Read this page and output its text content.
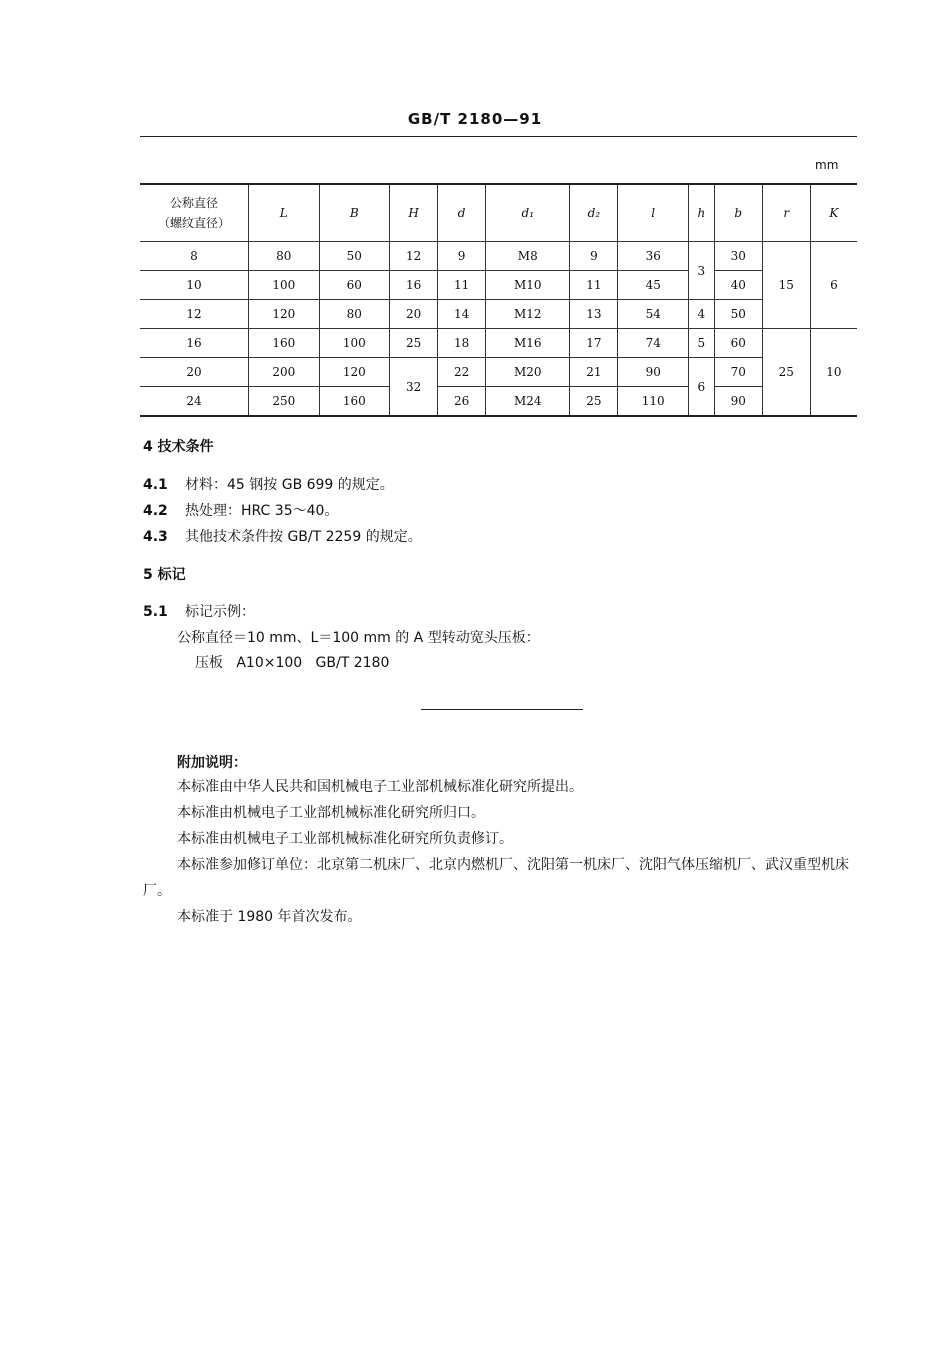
GB/T 2180—91
mm
公称直径
（螺纹直径）	L	B	H	d	d₁	d₂	l	h	b	r	K
8	80	50	12	9	M8	9	36	3	30	15	6
10	100	60	16	11	M10	11	45		40		
12	120	80	20	14	M12	13	54	4	50		
16	160	100	25	18	M16	17	74	5	60	25	10
20	200	120	32	22	M20	21	90	6	70		
24	250	160		26	M24	25	110		90		
4 技术条件
4.1 材料：45 钢按 GB 699 的规定。
4.2 热处理：HRC 35～40。
4.3 其他技术条件按 GB/T 2259 的规定。
5 标记
5.1 标记示例：
公称直径＝10 mm、L＝100 mm 的 A 型转动宽头压板：
压板   A10×100   GB/T 2180
附加说明：
本标准由中华人民共和国机械电子工业部机械标准化研究所提出。
本标准由机械电子工业部机械标准化研究所归口。
本标准由机械电子工业部机械标准化研究所负责修订。
本标准参加修订单位：北京第二机床厂、北京内燃机厂、沈阳第一机床厂、沈阳气体压缩机厂、武汉重型机床厂。
本标准于 1980 年首次发布。
